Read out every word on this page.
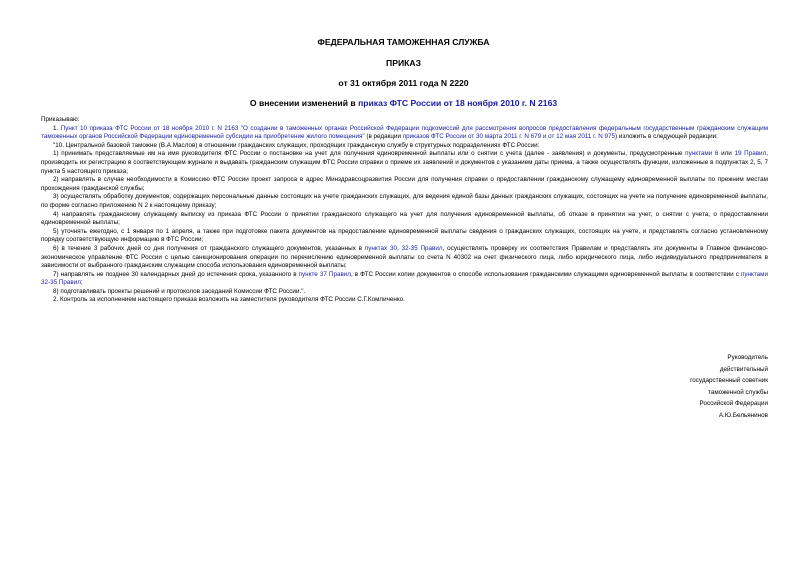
ФЕДЕРАЛЬНАЯ ТАМОЖЕННАЯ СЛУЖБА
ПРИКАЗ
от 31 октября 2011 года N 2220
О внесении изменений в приказ ФТС России от 18 ноября 2010 г. N 2163

Приказываю:

1. Пункт 10 приказа ФТС России от 18 ноября 2010 г. N 2163 "О создании в таможенных органах Российской Федерации подкомиссий для рассмотрения вопросов предоставления федеральным государственным гражданским служащим таможенных органов Российской Федерации единовременной субсидии на приобретение жилого помещения" (в редакции приказов ФТС России от 30 марта 2011 г. N 679 и от 12 мая 2011 г. N 975) изложить в следующей редакции:

"10. Центральной базовой таможне (В.А.Маслов) в отношении гражданских служащих, проходящих гражданскую службу в структурных подразделениях ФТС России:

1) принимать представляемые им на имя руководителя ФТС России о постановке на учет для получения единовременной выплаты или о снятии с учета (далее - заявления) и документы, предусмотренные пунктами 6 или 19 Правил, производить их регистрацию в соответствующем журнале и выдавать гражданским служащим ФТС России справки о приеме их заявлений и документов с указанием даты приема, а также осуществлять функции, изложенные в подпунктах 2, 5, 7 пункта 5 настоящего приказа;

2) направлять в случае необходимости в Комиссию ФТС России проект запроса в адрес Минздравсоцразвития России для получения справки о предоставлении гражданскому служащему единовременной выплаты по прежним местам прохождения гражданской службы;

3) осуществлять обработку документов, содержащих персональные данные состоящих на учете гражданских служащих, для ведения единой базы данных гражданских служащих, состоящих на учете на получение единовременной выплаты, по форме согласно приложению N 2 к настоящему приказу;

4) направлять гражданскому служащему выписку из приказа ФТС России о принятии гражданского служащего на учет для получения единовременной выплаты, об отказе в принятии на учет, о снятии с учета, о предоставлении единовременной выплаты;

5) уточнять ежегодно, с 1 января по 1 апреля, а также при подготовке пакета документов на предоставление единовременной выплаты сведения о гражданских служащих, состоящих на учете, и представлять согласно установленному порядку соответствующую информацию в ФТС России;

6) в течение 3 рабочих дней со дня получения от гражданского служащего документов, указанных в пунктах 30, 32-35 Правил, осуществлять проверку их соответствия Правилам и представлять эти документы в Главное финансово-экономическое управление ФТС России с целью санкционирования операции по перечислению единовременной выплаты со счета N 40302 на счет физического лица, либо юридического лица, либо индивидуального предпринимателя в зависимости от выбранного гражданским служащим способа использования единовременной выплаты;

7) направлять не позднее 30 календарных дней до истечения срока, указанного в пункте 37 Правил, в ФТС России копии документов о способе использования гражданскими служащими единовременной выплаты в соответствии с пунктами 32-35 Правил;

8) подготавливать проекты решений и протоколов заседаний Комиссии ФТС России.".

2. Контроль за исполнением настоящего приказа возложить на заместителя руководителя ФТС России С.Г.Комличенко.

Руководитель
действительный
государственный советник
таможенной службы
Российской Федерации
А.Ю.Бельянинов
